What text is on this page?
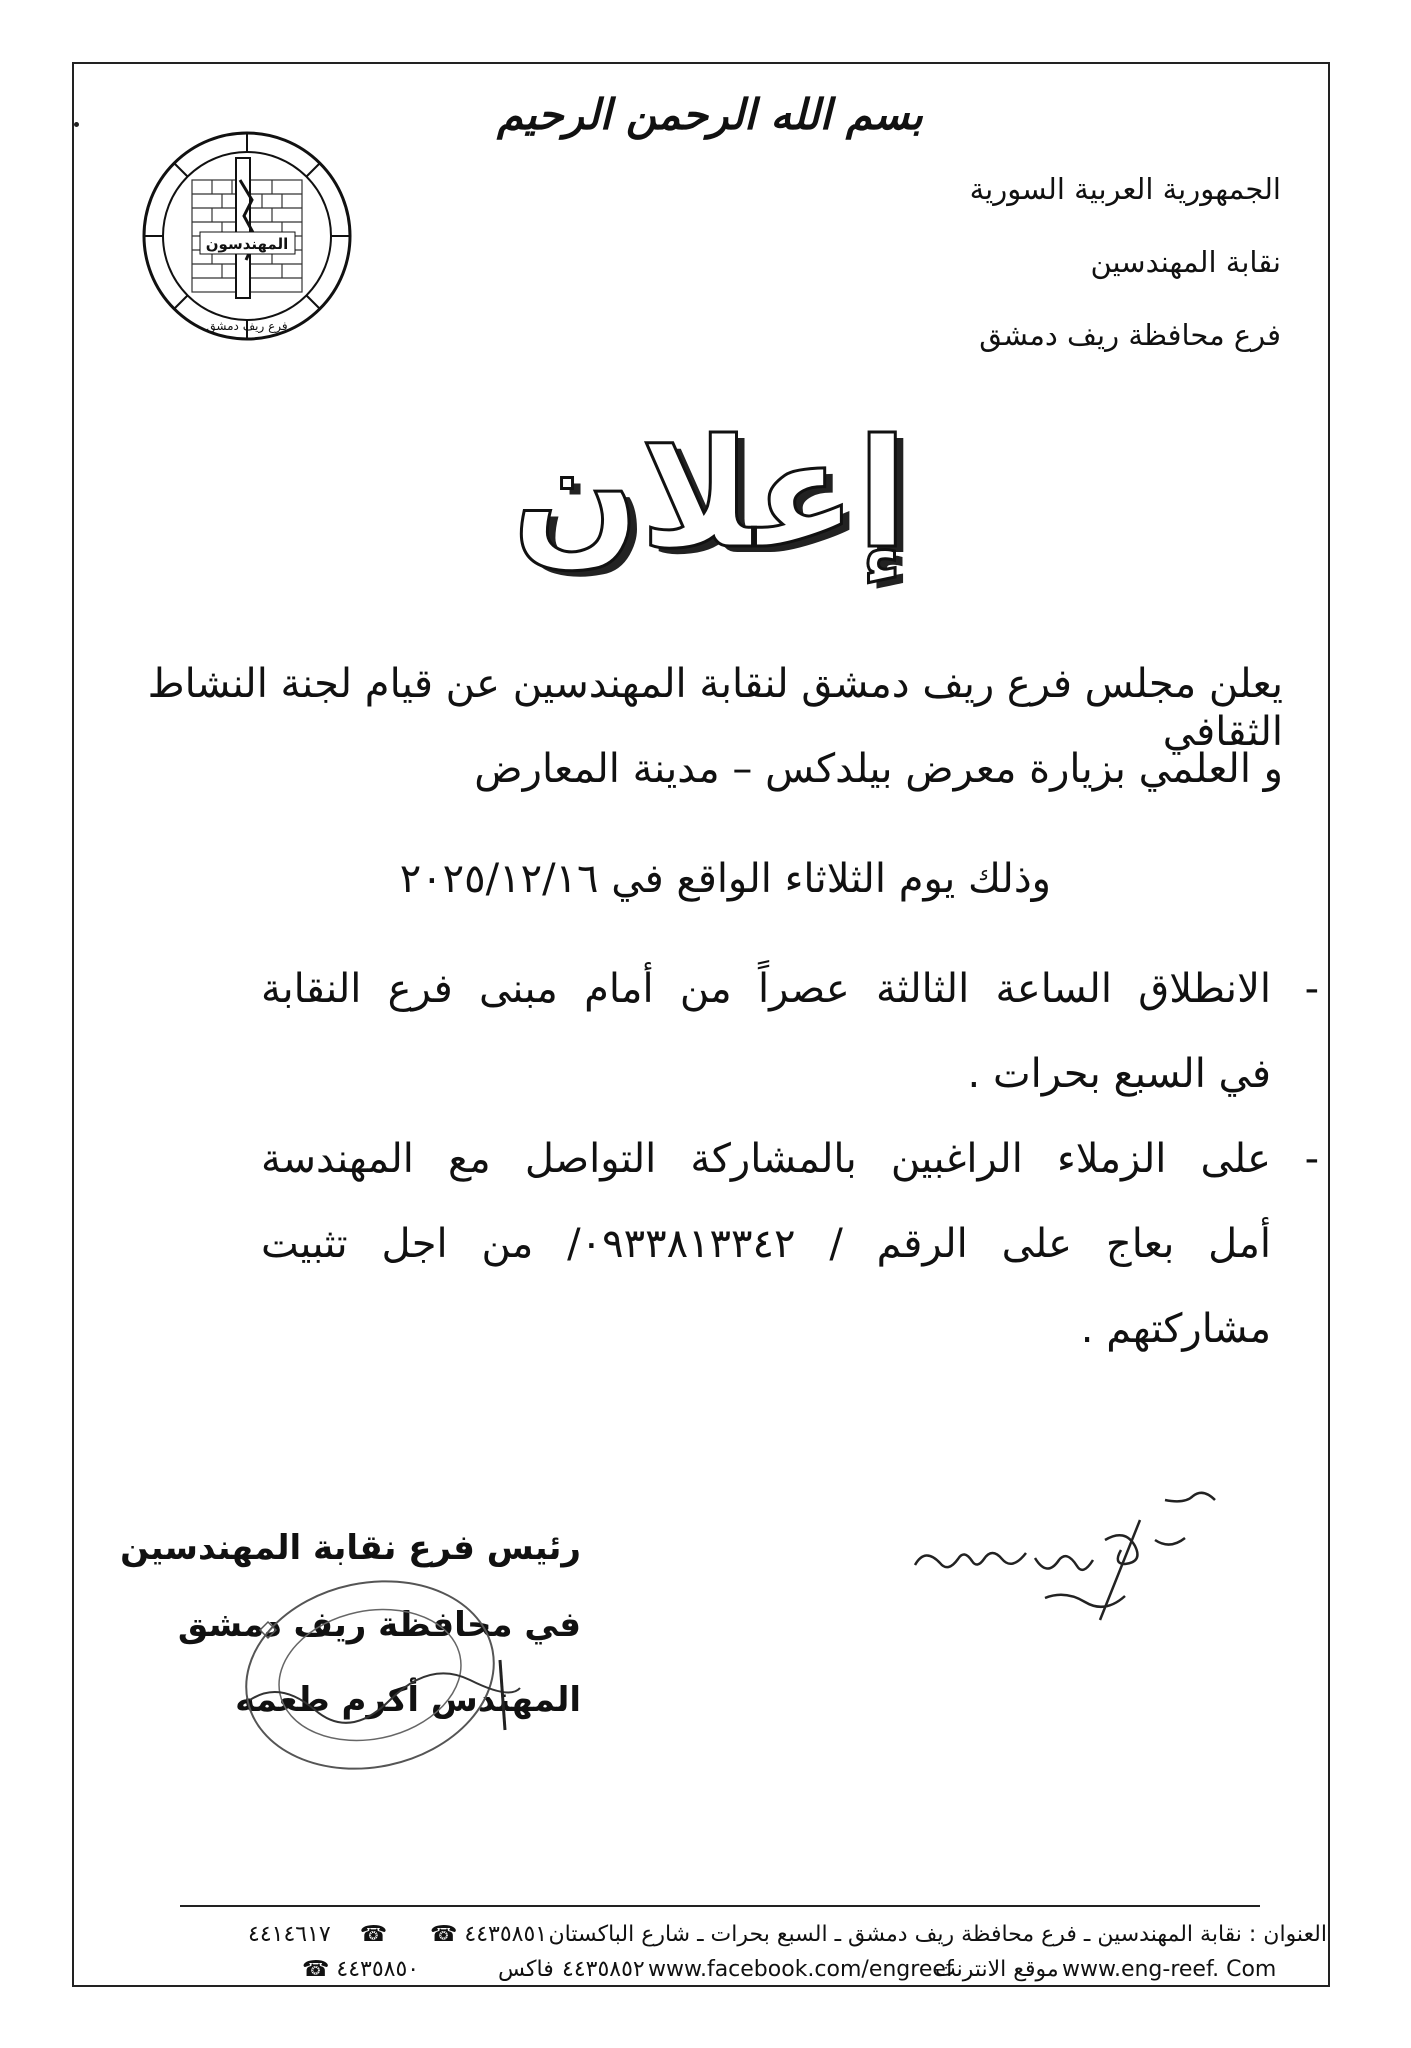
بسم الله الرحمن الرحيم
الجمهورية العربية السورية
نقابة المهندسين
فرع محافظة ريف دمشق
المهندسون
فرع ريف دمشق
إعلان
يعلن مجلس فرع ريف دمشق لنقابة المهندسين عن قيام لجنة النشاط الثقافي
و العلمي بزيارة معرض بيلدكس – مدينة المعارض
وذلك يوم الثلاثاء الواقع في ٢٠٢٥/١٢/١٦
-
الانطلاق الساعة الثالثة عصراً من أمام مبنى فرع النقابة
في السبع بحرات .
-
على الزملاء الراغبين بالمشاركة التواصل مع المهندسة
أمل بعاج على الرقم / ٠٩٣٣٨١٣٣٤٢/ من اجل تثبيت
مشاركتهم .
رئيس فرع نقابة المهندسين
في محافظة ريف دمشق
المهندس أكرم طعمه
العنوان : نقابة المهندسين ـ فرع محافظة ريف دمشق ـ السبع بحرات ـ شارع الباكستان
☎ ٤٤٣٥٨٥١
٤٤١٤٦١٧ ☎
www.eng-reef. Com
موقع الانترنت
www.facebook.com/engreef
٤٤٣٥٨٥٢
فاكس
☎ ٤٤٣٥٨٥٠
